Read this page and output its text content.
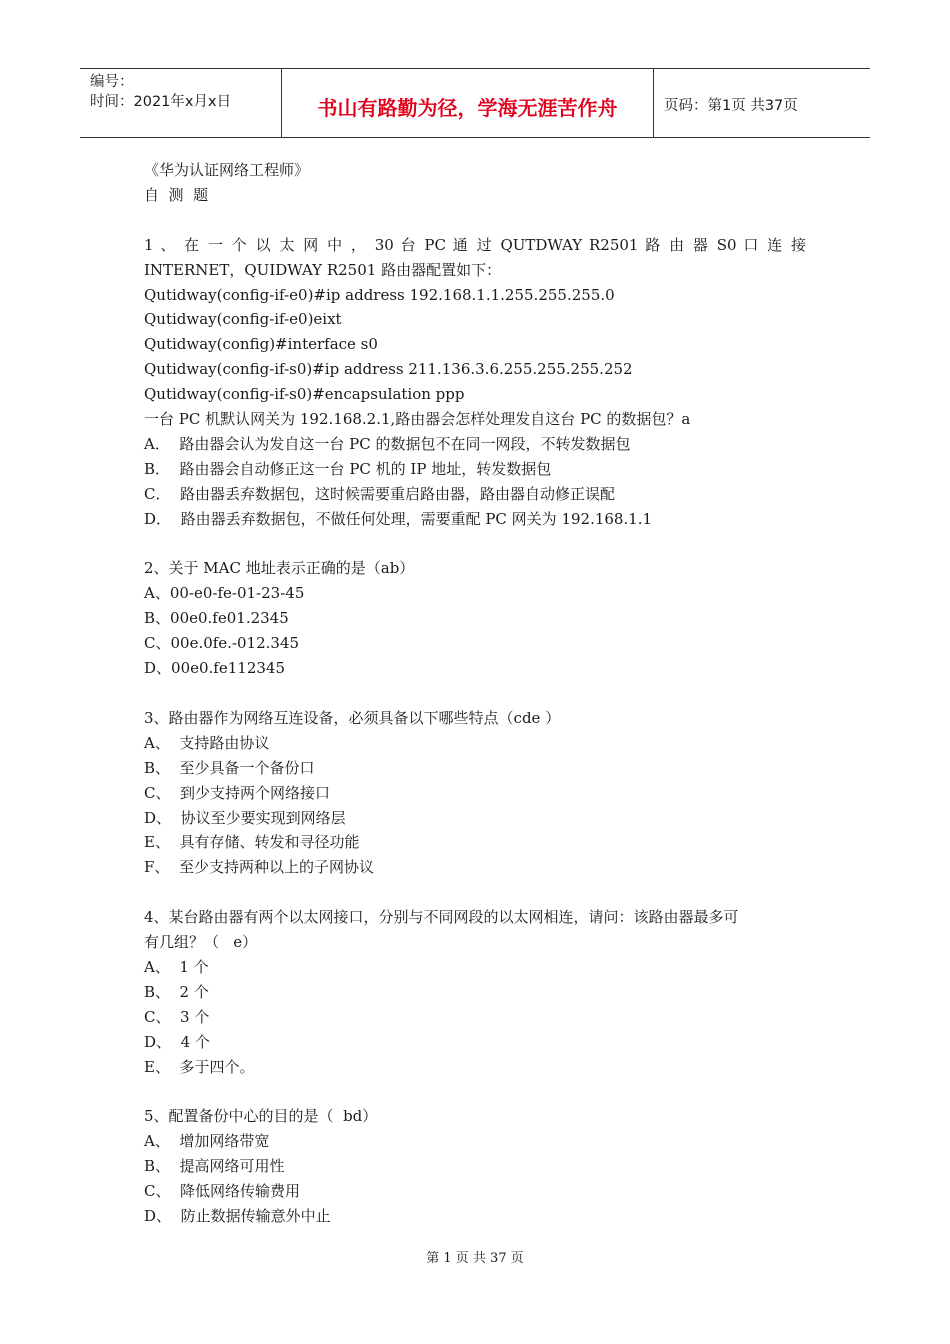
编号：
时间：2021年x月x日	书山有路勤为径，学海无涯苦作舟	页码：第1页 共37页

《华为认证网络工程师》

自  测  题

1 、 在 一 个 以 太 网 中 ， 30 台 PC 通 过 QUTDWAY R2501 路 由 器 S0 口 连 接

INTERNET，QUIDWAY R2501 路由器配置如下：

Qutidway(config-if-e0)#ip address 192.168.1.1.255.255.255.0

Qutidway(config-if-e0)eixt

Qutidway(config)#interface s0

Qutidway(config-if-s0)#ip address 211.136.3.6.255.255.255.252

Qutidway(config-if-s0)#encapsulation ppp

一台 PC 机默认网关为 192.168.2.1,路由器会怎样处理发自这台 PC 的数据包？a

A．  路由器会认为发自这一台 PC 的数据包不在同一网段，不转发数据包

B．  路由器会自动修正这一台 PC 机的 IP 地址，转发数据包

C．  路由器丢弃数据包，这时候需要重启路由器，路由器自动修正误配

D．  路由器丢弃数据包，不做任何处理，需要重配 PC 网关为 192.168.1.1

2、关于 MAC 地址表示正确的是（ab）

A、00-e0-fe-01-23-45

B、00e0.fe01.2345

C、00e.0fe.-012.345

D、00e0.fe112345

3、路由器作为网络互连设备，必须具备以下哪些特点（cde ）

A、  支持路由协议

B、  至少具备一个备份口

C、  到少支持两个网络接口

D、  协议至少要实现到网络层

E、  具有存储、转发和寻径功能

F、  至少支持两种以上的子网协议

4、某台路由器有两个以太网接口，分别与不同网段的以太网相连，请问：该路由器最多可

有几组？（   e）

A、  1 个

B、  2 个

C、  3 个

D、  4 个

E、  多于四个。

5、配置备份中心的目的是（  bd）

A、  增加网络带宽

B、  提高网络可用性

C、  降低网络传输费用

D、  防止数据传输意外中止

第 1 页 共 37 页
